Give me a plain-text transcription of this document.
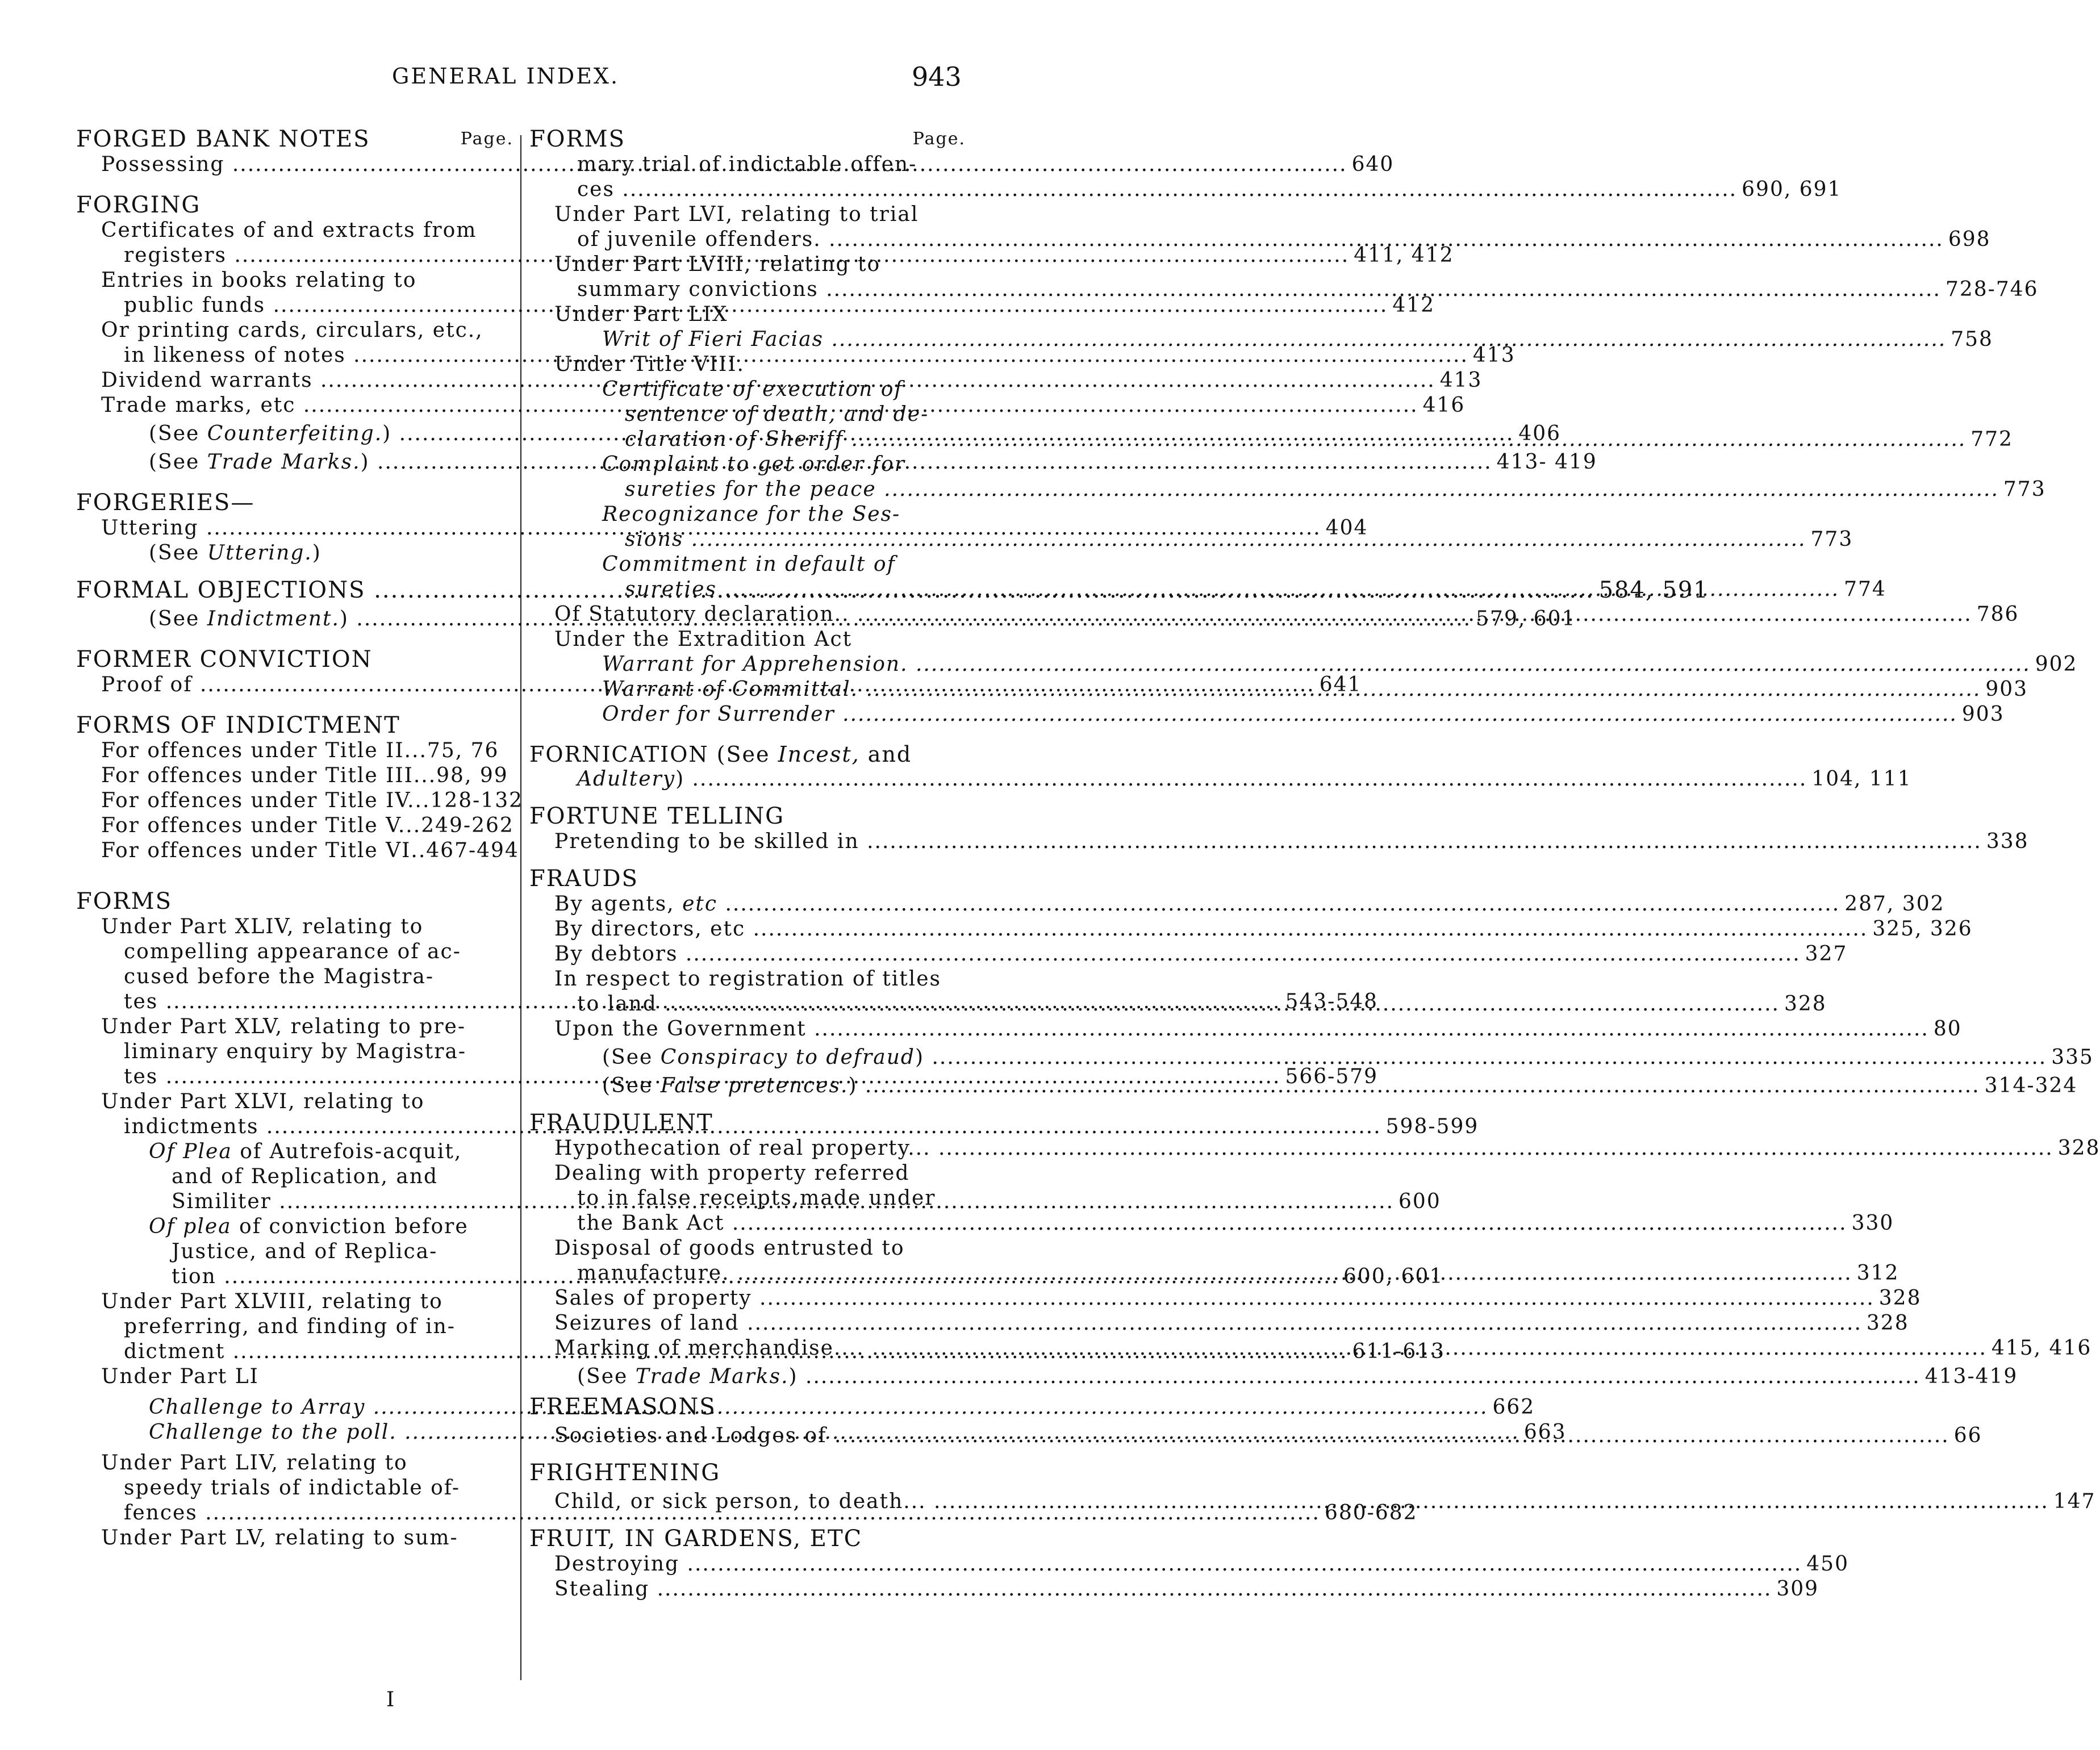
GENERAL INDEX.	943
FORGED BANK NOTES	Page.
Possessing .....	640
FORGING
Certificates of and extracts from
registers .....	411, 412
Entries in books relating to
public funds .....	412
Or printing cards, circulars, etc.,
in likeness of notes .....	413
Dividend warrants .....	413
Trade marks, etc .....	416
(See Counterfeiting.) .....	406
(See Trade Marks.) .....	413- 419
FORGERIES—
Uttering .....	404
(See Uttering.)
FORMAL OBJECTIONS .....	584, 591
(See Indictment.) .....	579, 601
FORMER CONVICTION
Proof of .....	641
FORMS OF INDICTMENT
For offences under Title II...75, 76
For offences under Title III...98, 99
For offences under Title IV...128-132
For offences under Title V...249-262
For offences under Title VI..467-494
FORMS
Under Part XLIV, relating to
compelling appearance of ac-
cused before the Magistra-
tes .....	543-548
Under Part XLV, relating to pre-
liminary enquiry by Magistra-
tes .....	566-579
Under Part XLVI, relating to
indictments .....	598-599
Of Plea of Autrefois-acquit,
and of Replication, and
Similiter .....	600
Of plea of conviction before
Justice, and of Replica-
tion .....	600, 601
Under Part XLVIII, relating to
preferring, and finding of in-
dictment .....	611-613
Under Part LI
Challenge to Array .....	662
Challenge to the poll. .....	663
Under Part LIV, relating to
speedy trials of indictable of-
fences .....	680-682
Under Part LV, relating to sum-
FORMS	Page.
mary trial of indictable offen-
ces .....	690, 691
Under Part LVI, relating to trial
of juvenile offenders. .....	698
Under Part LVIII, relating to
summary convictions .....	728-746
Under Part LIX
Writ of Fieri Facias .....	758
Under Title VIII.
Certificate of execution of
sentence of death, and de-
claration of Sheriff .....	772
Complaint to get order for
sureties for the peace .....	773
Recognizance for the Ses-
sions .....	773
Commitment in default of
sureties .....	774
Of Statutory declaration.. .....	786
Under the Extradition Act
Warrant for Apprehension. .....	902
Warrant of Committal. .....	903
Order for Surrender .....	903
FORNICATION (See Incest, and
Adultery) .....	104, 111
FORTUNE TELLING
Pretending to be skilled in .....	338
FRAUDS
By agents, etc .....	287, 302
By directors, etc .....	325, 326
By debtors .....	327
In respect to registration of titles
to land .....	328
Upon the Government .....	80
(See Conspiracy to defraud) .....	335
(See False pretences.) .....	314-324
FRAUDULENT
Hypothecation of real property... .....	328
Dealing with property referred
to in false receipts,made under
the Bank Act .....	330
Disposal of goods entrusted to
manufacture. .....	312
Sales of property .....	328
Seizures of land .....	328
Marking of merchandise.... .....	415, 416
(See Trade Marks.) .....	413-419
FREEMASONS
Societies and Lodges of .....	66
FRIGHTENING
Child, or sick person, to death... .....	147
FRUIT, IN GARDENS, ETC
Destroying .....	450
Stealing .....	309
I
